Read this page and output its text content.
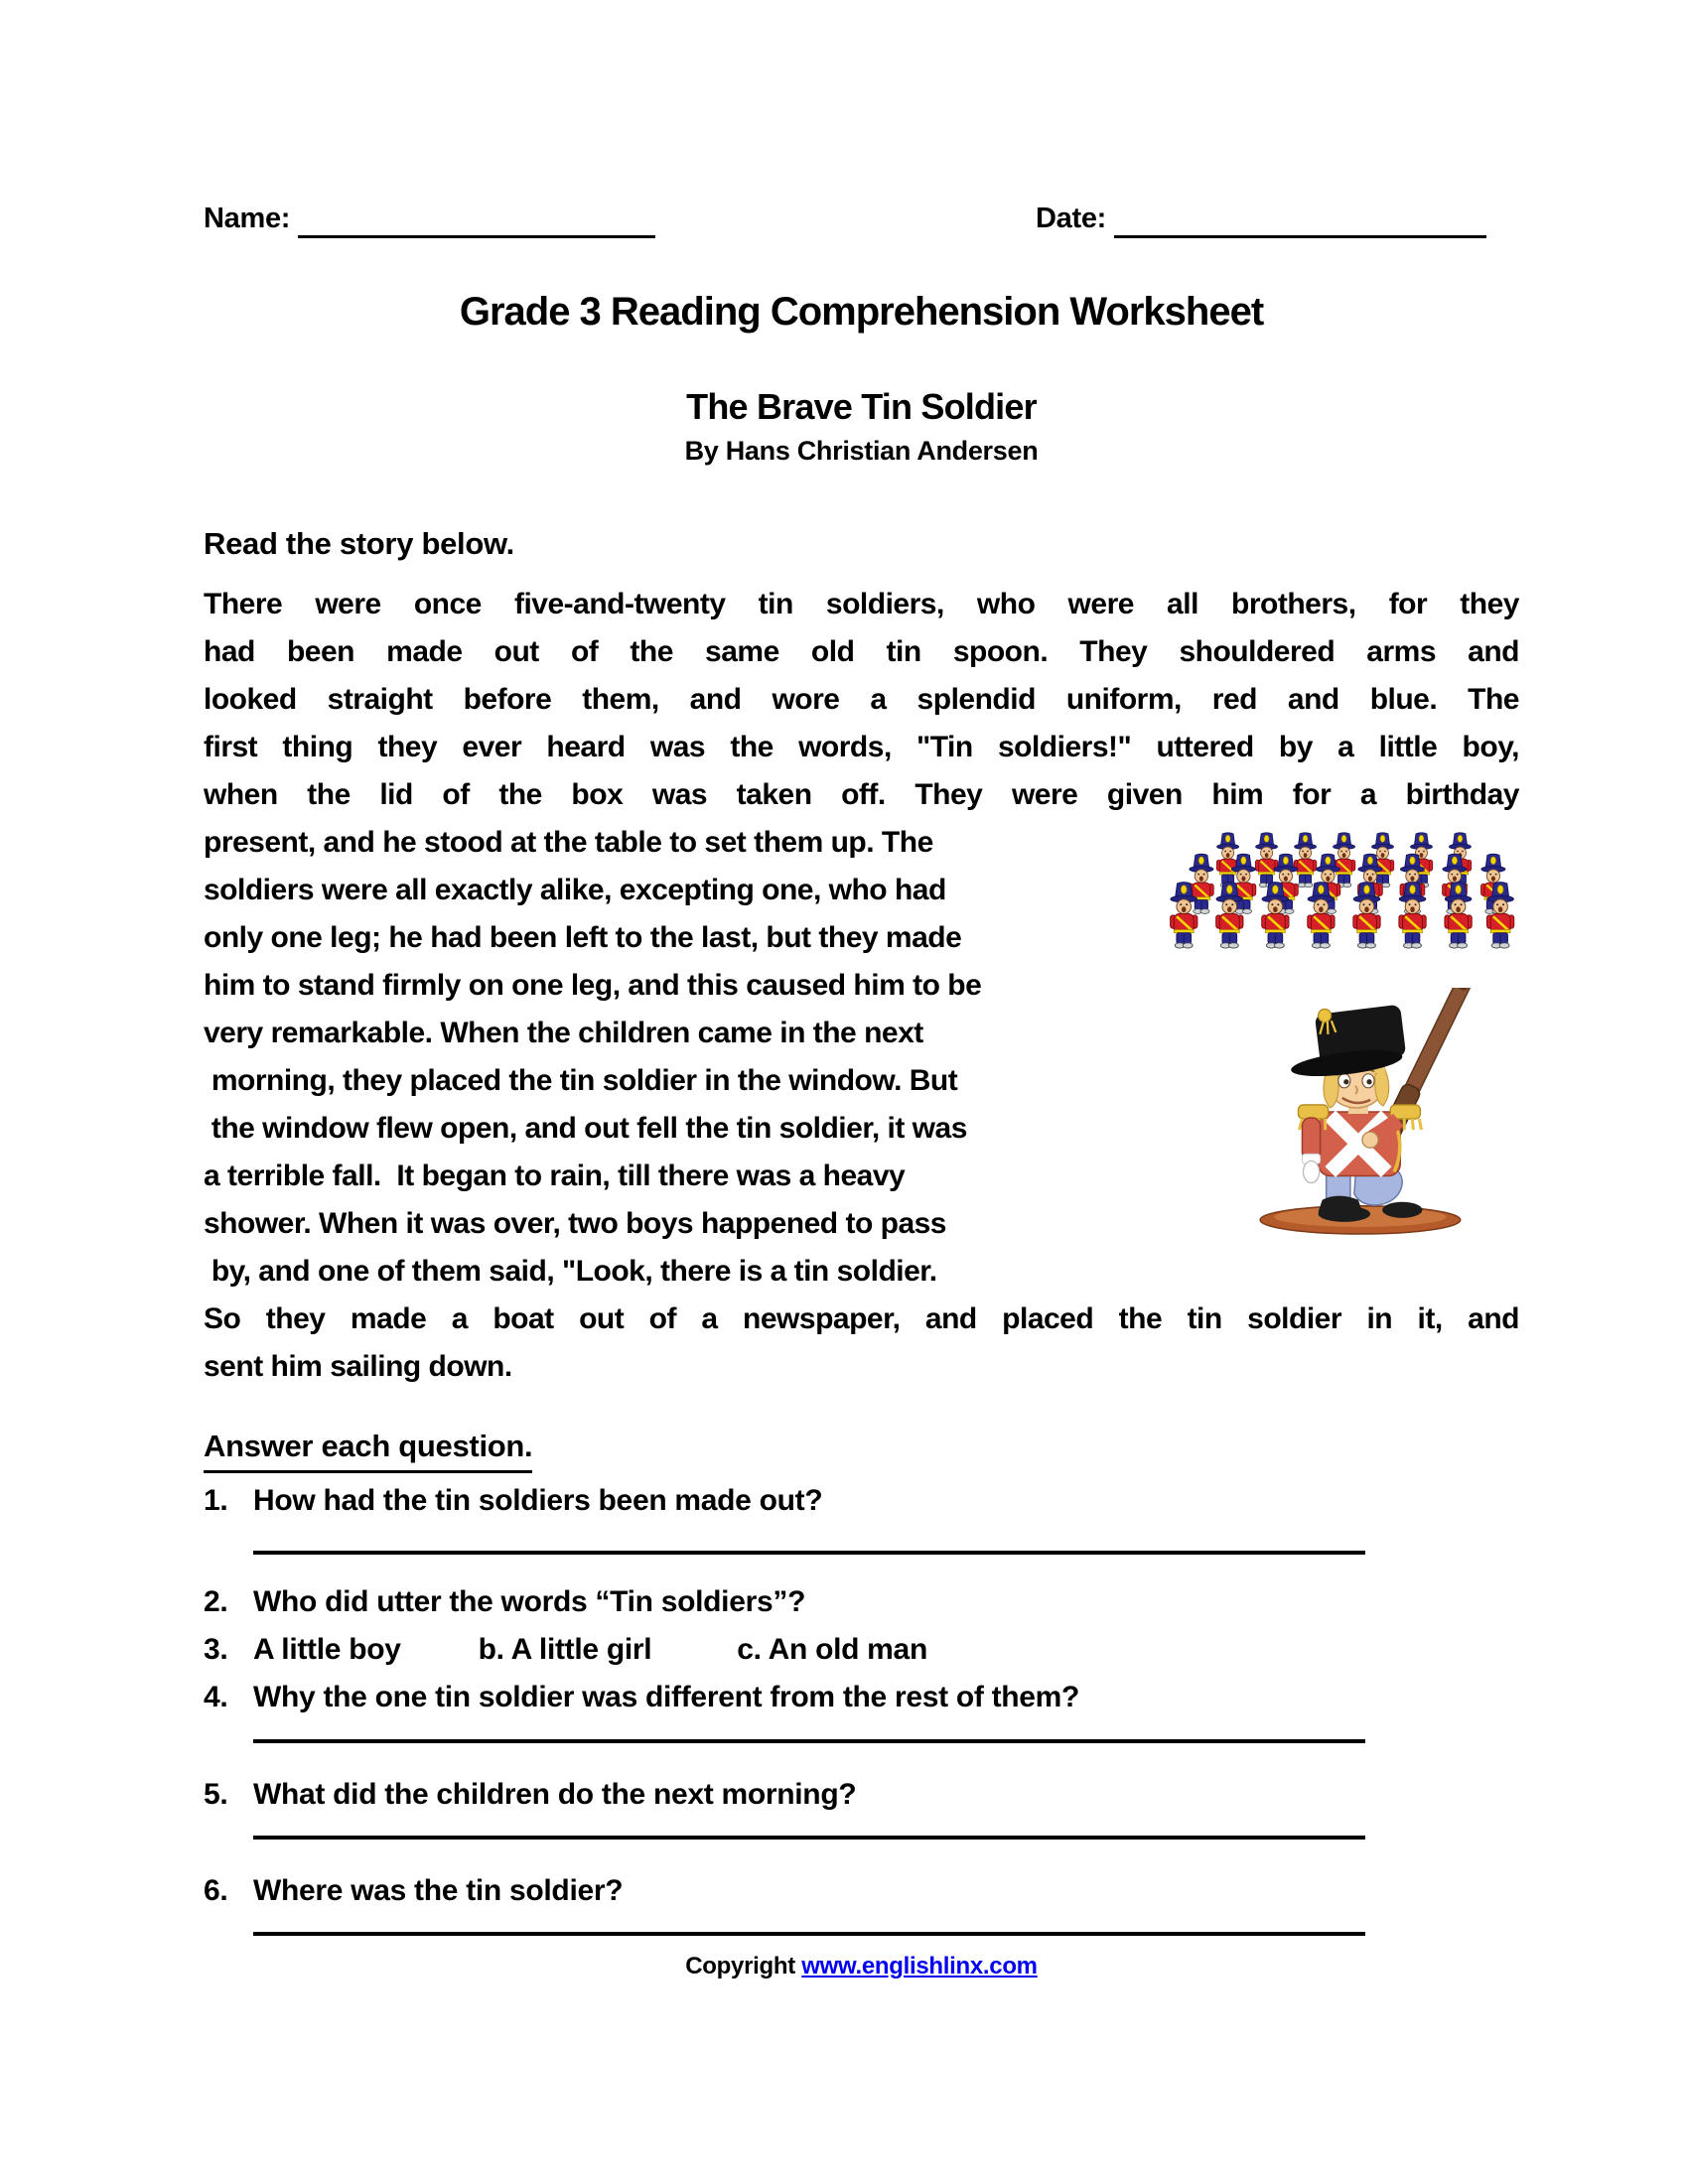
Name:	Date:
Grade 3 Reading Comprehension Worksheet
The Brave Tin Soldier
By Hans Christian Andersen
Read the story below.
There were once five-and-twenty tin soldiers, who were all brothers, for they
had been made out of the same old tin spoon. They shouldered arms and
looked straight before them, and wore a splendid uniform, red and blue. The
first thing they ever heard was the words, "Tin soldiers!" uttered by a little boy,
when the lid of the box was taken off. They were given him for a birthday
present, and he stood at the table to set them up. The
soldiers were all exactly alike, excepting one, who had
only one leg; he had been left to the last, but they made
him to stand firmly on one leg, and this caused him to be
very remarkable. When the children came in the next
morning, they placed the tin soldier in the window. But
the window flew open, and out fell the tin soldier, it was
a terrible fall.  It began to rain, till there was a heavy
shower. When it was over, two boys happened to pass
by, and one of them said, "Look, there is a tin soldier.
So they made a boat out of a newspaper, and placed the tin soldier in it, and
sent him sailing down.
Answer each question.
1. How had the tin soldiers been made out?
2. Who did utter the words “Tin soldiers”?
3. A little boy	b. A little girl	c. An old man
4. Why the one tin soldier was different from the rest of them?
5. What did the children do the next morning?
6. Where was the tin soldier?
Copyright www.englishlinx.com
